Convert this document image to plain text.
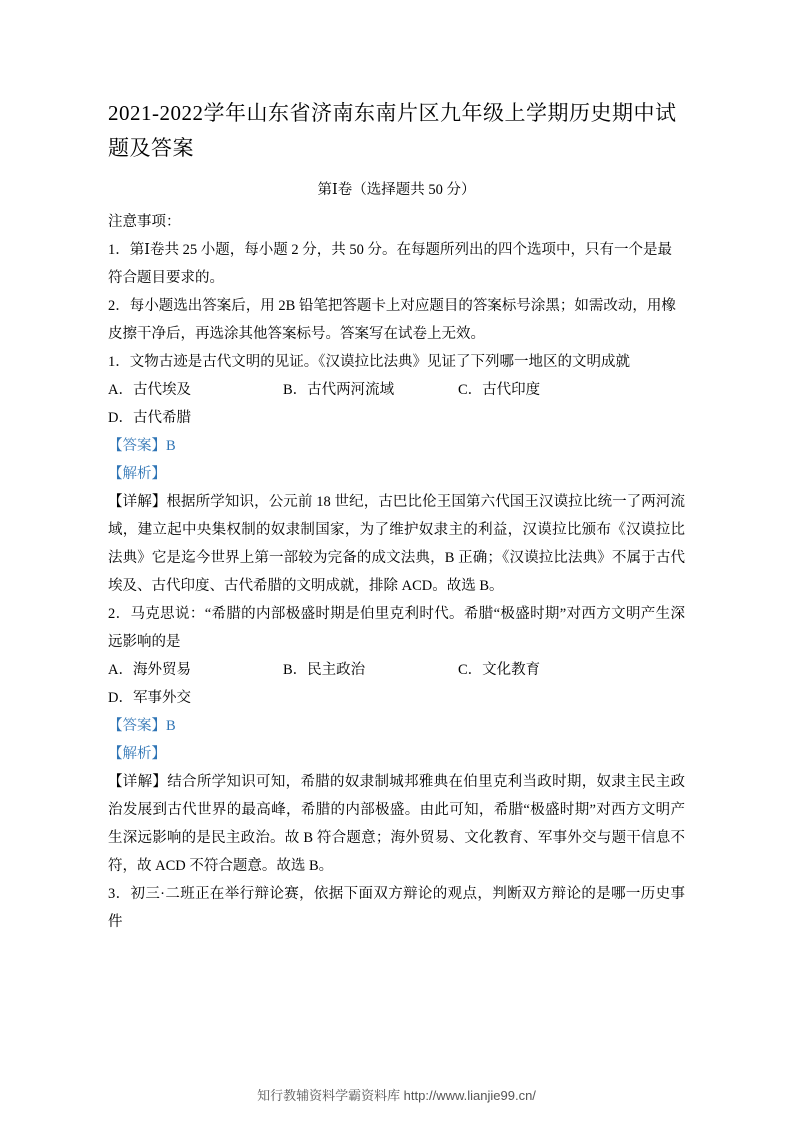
2021-2022学年山东省济南东南片区九年级上学期历史期中试题及答案
第Ⅰ卷（选择题共 50 分）

注意事项：

1．第Ⅰ卷共 25 小题，每小题 2 分，共 50 分。在每题所列出的四个选项中，只有一个是最符合题目要求的。

2．每小题选出答案后，用 2B 铅笔把答题卡上对应题目的答案标号涂黑；如需改动，用橡皮擦干净后，再选涂其他答案标号。答案写在试卷上无效。

1．文物古迹是古代文明的见证。《汉谟拉比法典》见证了下列哪一地区的文明成就

A．古代埃及	B．古代两河流域	C．古代印度D．古代希腊

【答案】B

【解析】

【详解】根据所学知识，公元前 18 世纪，古巴比伦王国第六代国王汉谟拉比统一了两河流域，建立起中央集权制的奴隶制国家，为了维护奴隶主的利益，汉谟拉比颁布《汉谟拉比法典》它是迄今世界上第一部较为完备的成文法典，B 正确；《汉谟拉比法典》不属于古代埃及、古代印度、古代希腊的文明成就，排除 ACD。故选 B。

2．马克思说：“希腊的内部极盛时期是伯里克利时代。希腊“极盛时期”对西方文明产生深远影响的是

A．海外贸易	B．民主政治	C．文化教育D．军事外交

【答案】B

【解析】

【详解】结合所学知识可知，希腊的奴隶制城邦雅典在伯里克利当政时期，奴隶主民主政治发展到古代世界的最高峰，希腊的内部极盛。由此可知，希腊“极盛时期”对西方文明产生深远影响的是民主政治。故 B 符合题意；海外贸易、文化教育、军事外交与题干信息不符，故 ACD 不符合题意。故选 B。

3．初三·二班正在举行辩论赛，依据下面双方辩论的观点，判断双方辩论的是哪一历史事件

知行教辅资料学霸资料库 http://www.lianjie99.cn/
